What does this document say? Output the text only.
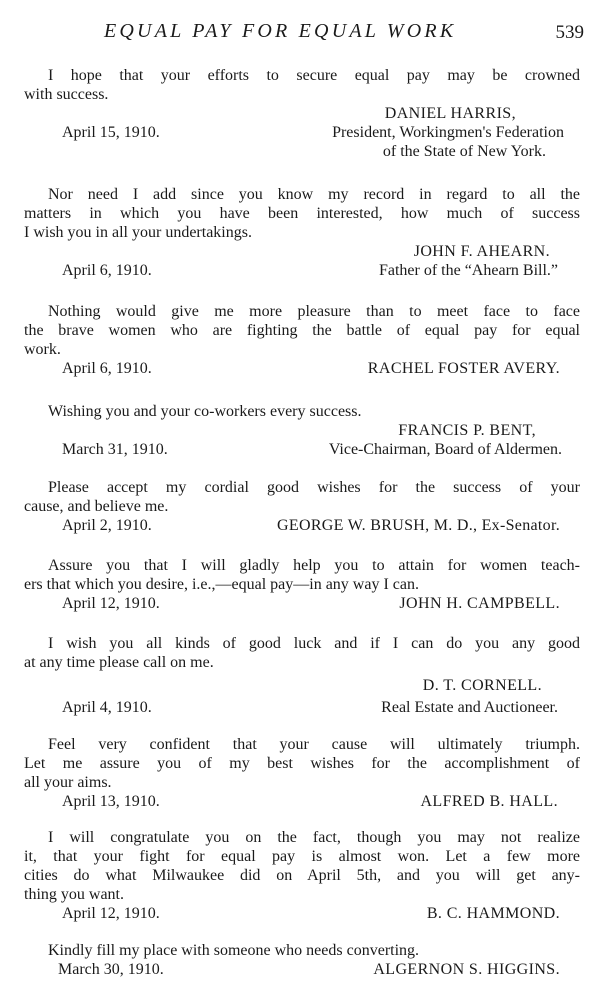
EQUAL PAY FOR EQUAL WORK	539
I hope that your efforts to secure equal pay may be crowned
with success.
DANIEL HARRIS,
April 15, 1910.	President, Workingmen's Federation
of the State of New York.
Nor need I add since you know my record in regard to all the
matters in which you have been interested, how much of success
I wish you in all your undertakings.
JOHN F. AHEARN.
April 6, 1910.	Father of the “Ahearn Bill.”
Nothing would give me more pleasure than to meet face to face
the brave women who are fighting the battle of equal pay for equal
work.
April 6, 1910.	RACHEL FOSTER AVERY.
Wishing you and your co-workers every success.
FRANCIS P. BENT,
March 31, 1910.	Vice-Chairman, Board of Aldermen.
Please accept my cordial good wishes for the success of your
cause, and believe me.
April 2, 1910.	GEORGE W. BRUSH, M. D., Ex-Senator.
Assure you that I will gladly help you to attain for women teach-
ers that which you desire, i.e.,—equal pay—in any way I can.
April 12, 1910.	JOHN H. CAMPBELL.
I wish you all kinds of good luck and if I can do you any good
at any time please call on me.
D. T. CORNELL.
April 4, 1910.	Real Estate and Auctioneer.
Feel very confident that your cause will ultimately triumph.
Let me assure you of my best wishes for the accomplishment of
all your aims.
April 13, 1910.	ALFRED B. HALL.
I will congratulate you on the fact, though you may not realize
it, that your fight for equal pay is almost won. Let a few more
cities do what Milwaukee did on April 5th, and you will get any-
thing you want.
April 12, 1910.	B. C. HAMMOND.
Kindly fill my place with someone who needs converting.
March 30, 1910.	ALGERNON S. HIGGINS.
